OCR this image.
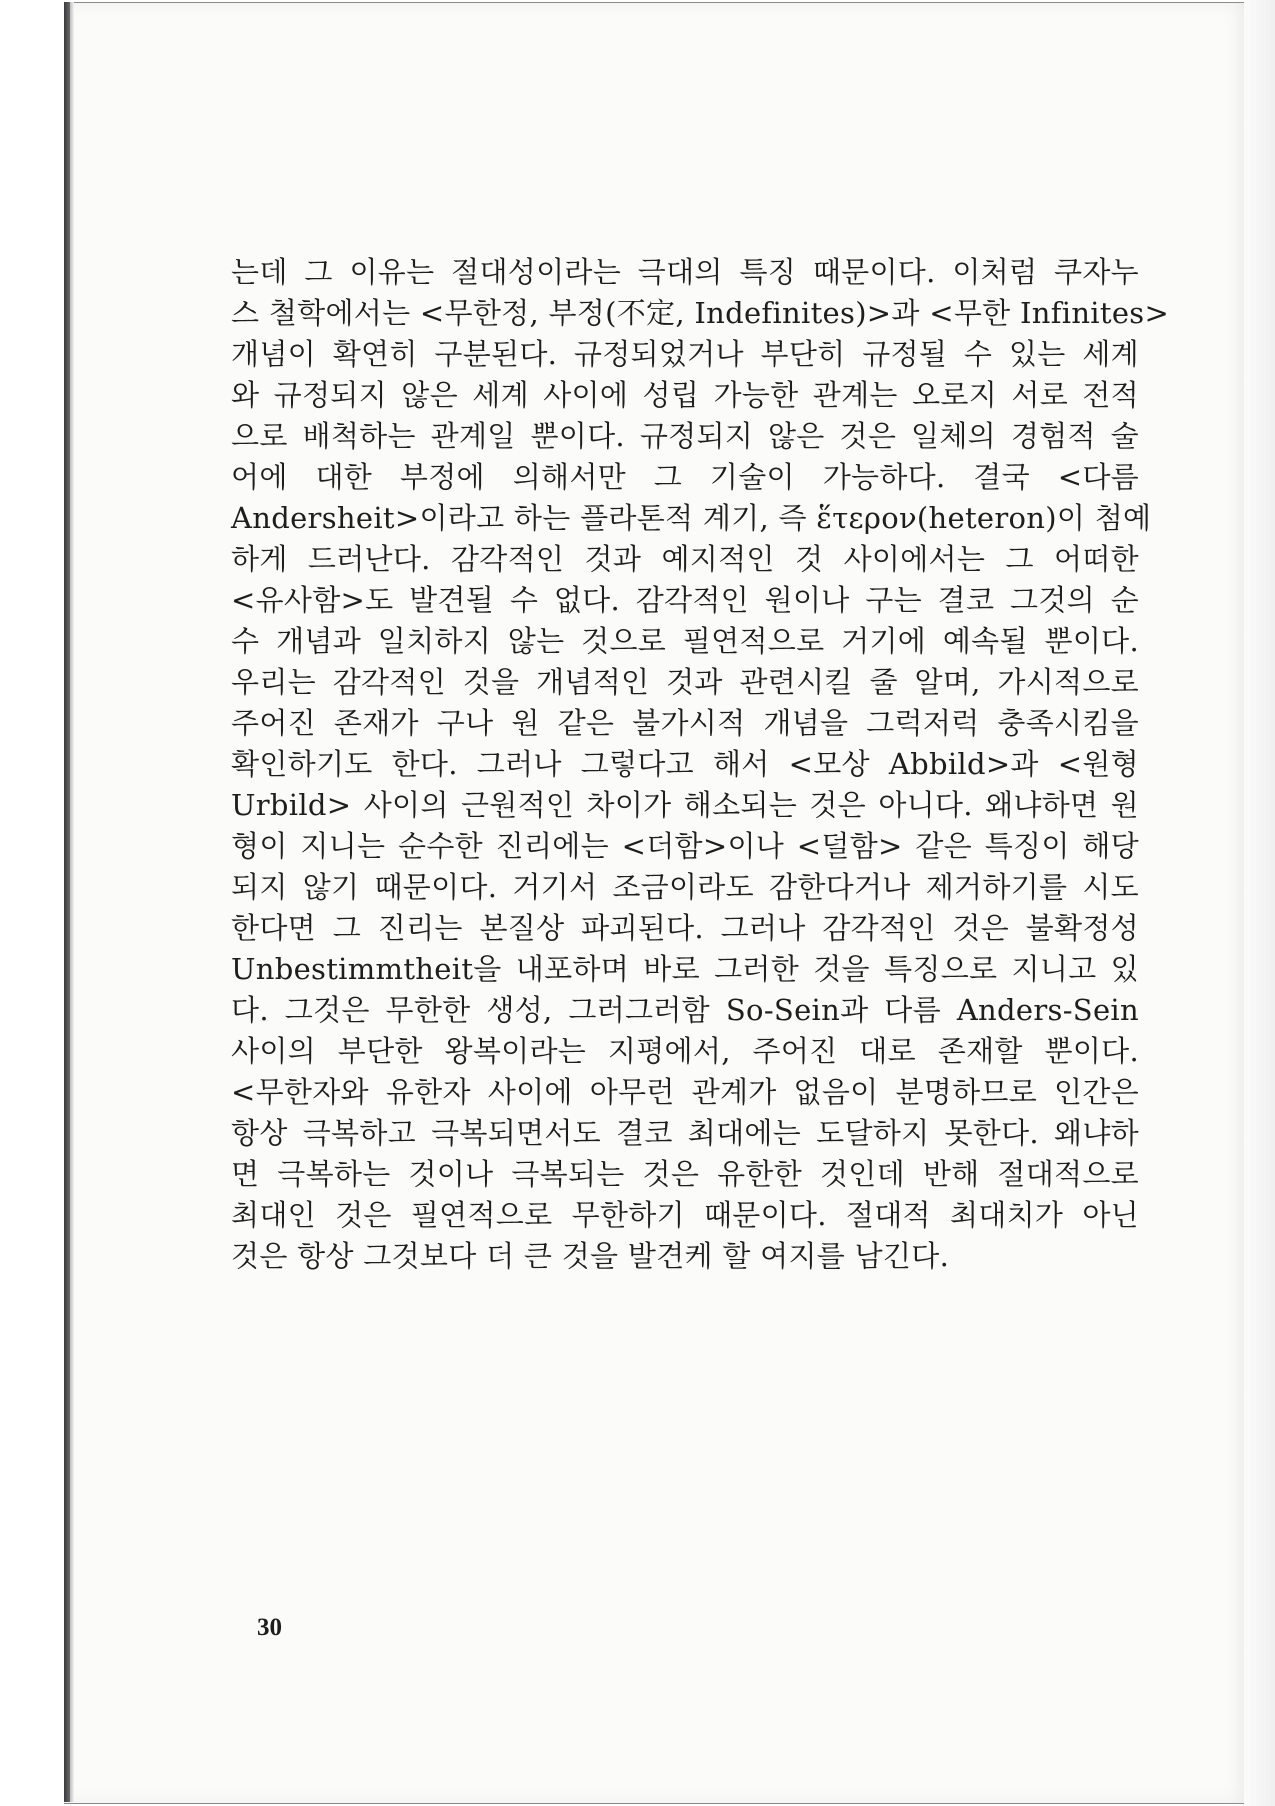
는데 그 이유는 절대성이라는 극대의 특징 때문이다. 이처럼 쿠자누
스 철학에서는 <무한정, 부정(不定, Indefinites)>과 <무한 Infinites>
개념이 확연히 구분된다. 규정되었거나 부단히 규정될 수 있는 세계
와 규정되지 않은 세계 사이에 성립 가능한 관계는 오로지 서로 전적
으로 배척하는 관계일 뿐이다. 규정되지 않은 것은 일체의 경험적 술
어에 대한 부정에 의해서만 그 기술이 가능하다. 결국 <다름
Andersheit>이라고 하는 플라톤적 계기, 즉 ἕτερον(heteron)이 첨예
하게 드러난다. 감각적인 것과 예지적인 것 사이에서는 그 어떠한
<유사함>도 발견될 수 없다. 감각적인 원이나 구는 결코 그것의 순
수 개념과 일치하지 않는 것으로 필연적으로 거기에 예속될 뿐이다.
우리는 감각적인 것을 개념적인 것과 관련시킬 줄 알며, 가시적으로
주어진 존재가 구나 원 같은 불가시적 개념을 그럭저럭 충족시킴을
확인하기도 한다. 그러나 그렇다고 해서 <모상 Abbild>과 <원형
Urbild> 사이의 근원적인 차이가 해소되는 것은 아니다. 왜냐하면 원
형이 지니는 순수한 진리에는 <더함>이나 <덜함> 같은 특징이 해당
되지 않기 때문이다. 거기서 조금이라도 감한다거나 제거하기를 시도
한다면 그 진리는 본질상 파괴된다. 그러나 감각적인 것은 불확정성
Unbestimmtheit을 내포하며 바로 그러한 것을 특징으로 지니고 있
다. 그것은 무한한 생성, 그러그러함 So-Sein과 다름 Anders-Sein
사이의 부단한 왕복이라는 지평에서, 주어진 대로 존재할 뿐이다.
<무한자와 유한자 사이에 아무런 관계가 없음이 분명하므로 인간은
항상 극복하고 극복되면서도 결코 최대에는 도달하지 못한다. 왜냐하
면 극복하는 것이나 극복되는 것은 유한한 것인데 반해 절대적으로
최대인 것은 필연적으로 무한하기 때문이다. 절대적 최대치가 아닌
것은 항상 그것보다 더 큰 것을 발견케 할 여지를 남긴다.
30
